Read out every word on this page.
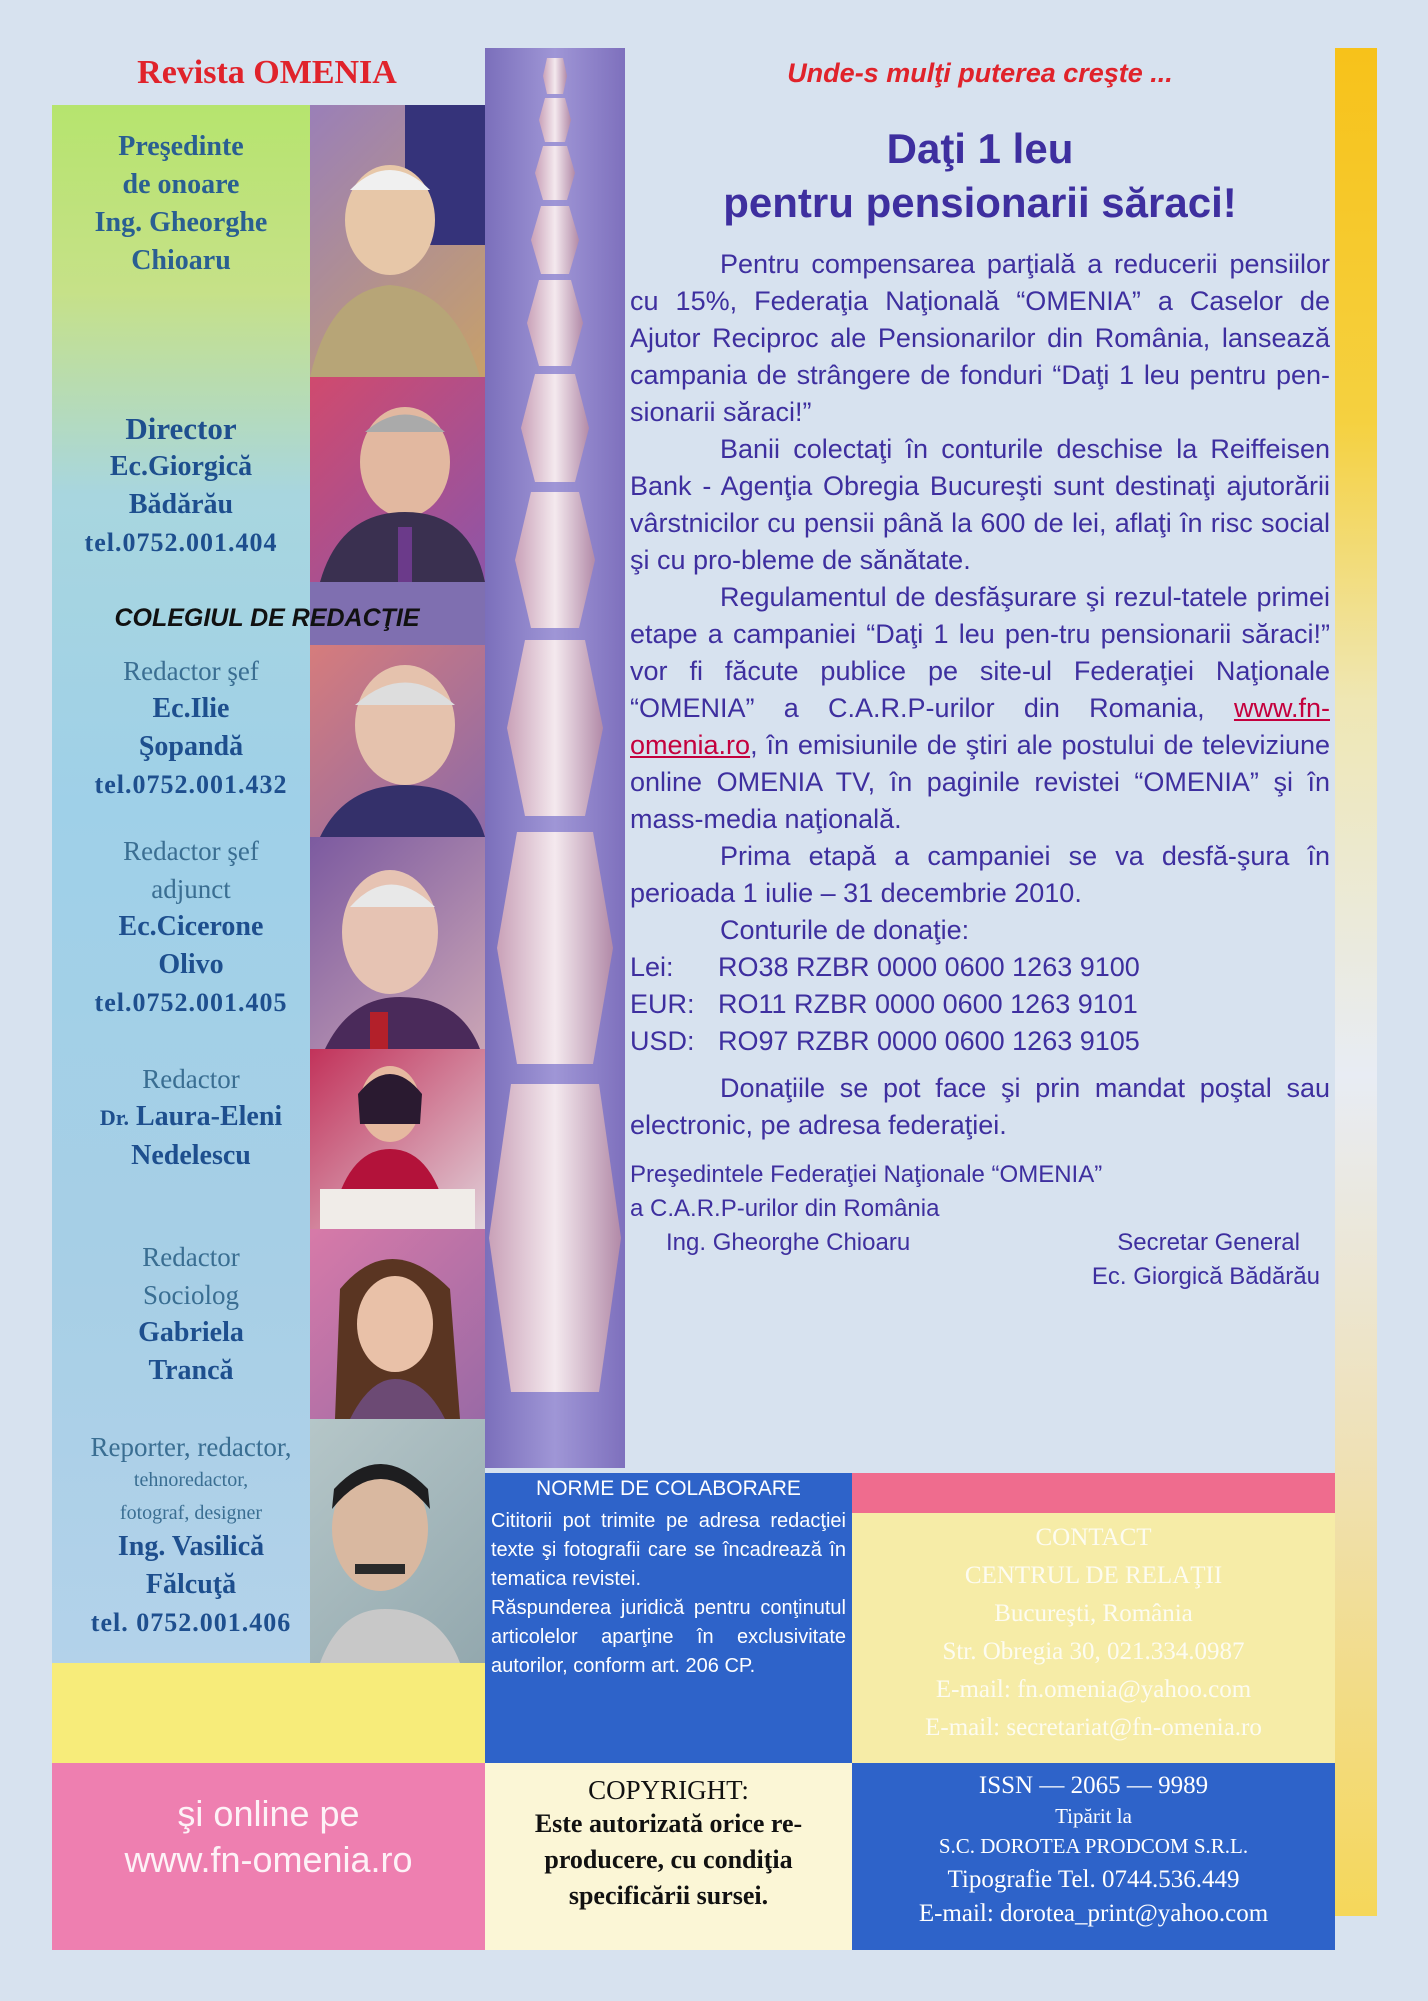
Revista OMENIA
Preşedinte
de onoare
Ing. Gheorghe
Chioaru
Director
Ec.Giorgică
Bădărău
tel.0752.001.404
COLEGIUL DE REDACŢIE
Redactor şef
Ec.Ilie
Şopandă
tel.0752.001.432
Redactor şef
adjunct
Ec.Cicerone
Olivo
tel.0752.001.405
Redactor
Dr. Laura-Eleni
Nedelescu
Redactor
Sociolog
Gabriela
Trancă
Reporter, redactor,
tehnoredactor,
fotograf, designer
Ing. Vasilică
Fălcuţă
tel. 0752.001.406
Unde-s mulţi puterea creşte ...
Daţi 1 leu
pentru pensionarii săraci!

Pentru compensarea parţială a reducerii pensiilor cu 15%, Federaţia Naţională “OMENIA” a Caselor de Ajutor Reciproc ale Pensionarilor din România, lansează campania de strângere de fonduri “Daţi 1 leu pentru pen-sionarii săraci!”

Banii colectaţi în conturile deschise la Reiffeisen Bank - Agenţia Obregia Bucureşti sunt destinaţi ajutorării vârstnicilor cu pensii până la 600 de lei, aflaţi în risc social şi cu pro-bleme de sănătate.

Regulamentul de desfăşurare şi rezul-tatele primei etape a campaniei “Daţi 1 leu pen-tru pensionarii săraci!” vor fi făcute publice pe site-ul Federaţiei Naţionale “OMENIA” a C.A.R.P-urilor din Romania, www.fn-omenia.ro, în emisiunile de ştiri ale postului de televiziune online OMENIA TV, în paginile revistei “OMENIA” şi în mass-media naţională.

Prima etapă a campaniei se va desfă-şura în perioada 1 iulie – 31 decembrie 2010.

Conturile de donaţie:

Lei: RO38 RZBR 0000 0600 1263 9100
EUR: RO11 RZBR 0000 0600 1263 9101
USD: RO97 RZBR 0000 0600 1263 9105

Donaţiile se pot face şi prin mandat poştal sau electronic, pe adresa federaţiei.

Preşedintele Federaţiei Naţionale “OMENIA”
a C.A.R.P-urilor din România
Ing. Gheorghe Chioaru	Secretar General
Ec. Giorgică Bădărău
şi online pe
www.fn-omenia.ro
NORME DE COLABORARE
Cititorii pot trimite pe adresa redacţiei texte şi fotografii care se încadrează în tematica revistei.
Răspunderea juridică pentru conţinutul articolelor aparţine în exclusivitate autorilor, conform art. 206 CP.
COPYRIGHT:
Este autorizată orice re-
producere, cu condiţia
specificării sursei.
CONTACT
CENTRUL DE RELAŢII
Bucureşti, România
Str. Obregia 30, 021.334.0987
E-mail: fn.omenia@yahoo.com
E-mail: secretariat@fn-omenia.ro
ISSN — 2065 — 9989
Tipărit la
S.C. DOROTEA PRODCOM S.R.L.
Tipografie Tel. 0744.536.449
E-mail: dorotea_print@yahoo.com
